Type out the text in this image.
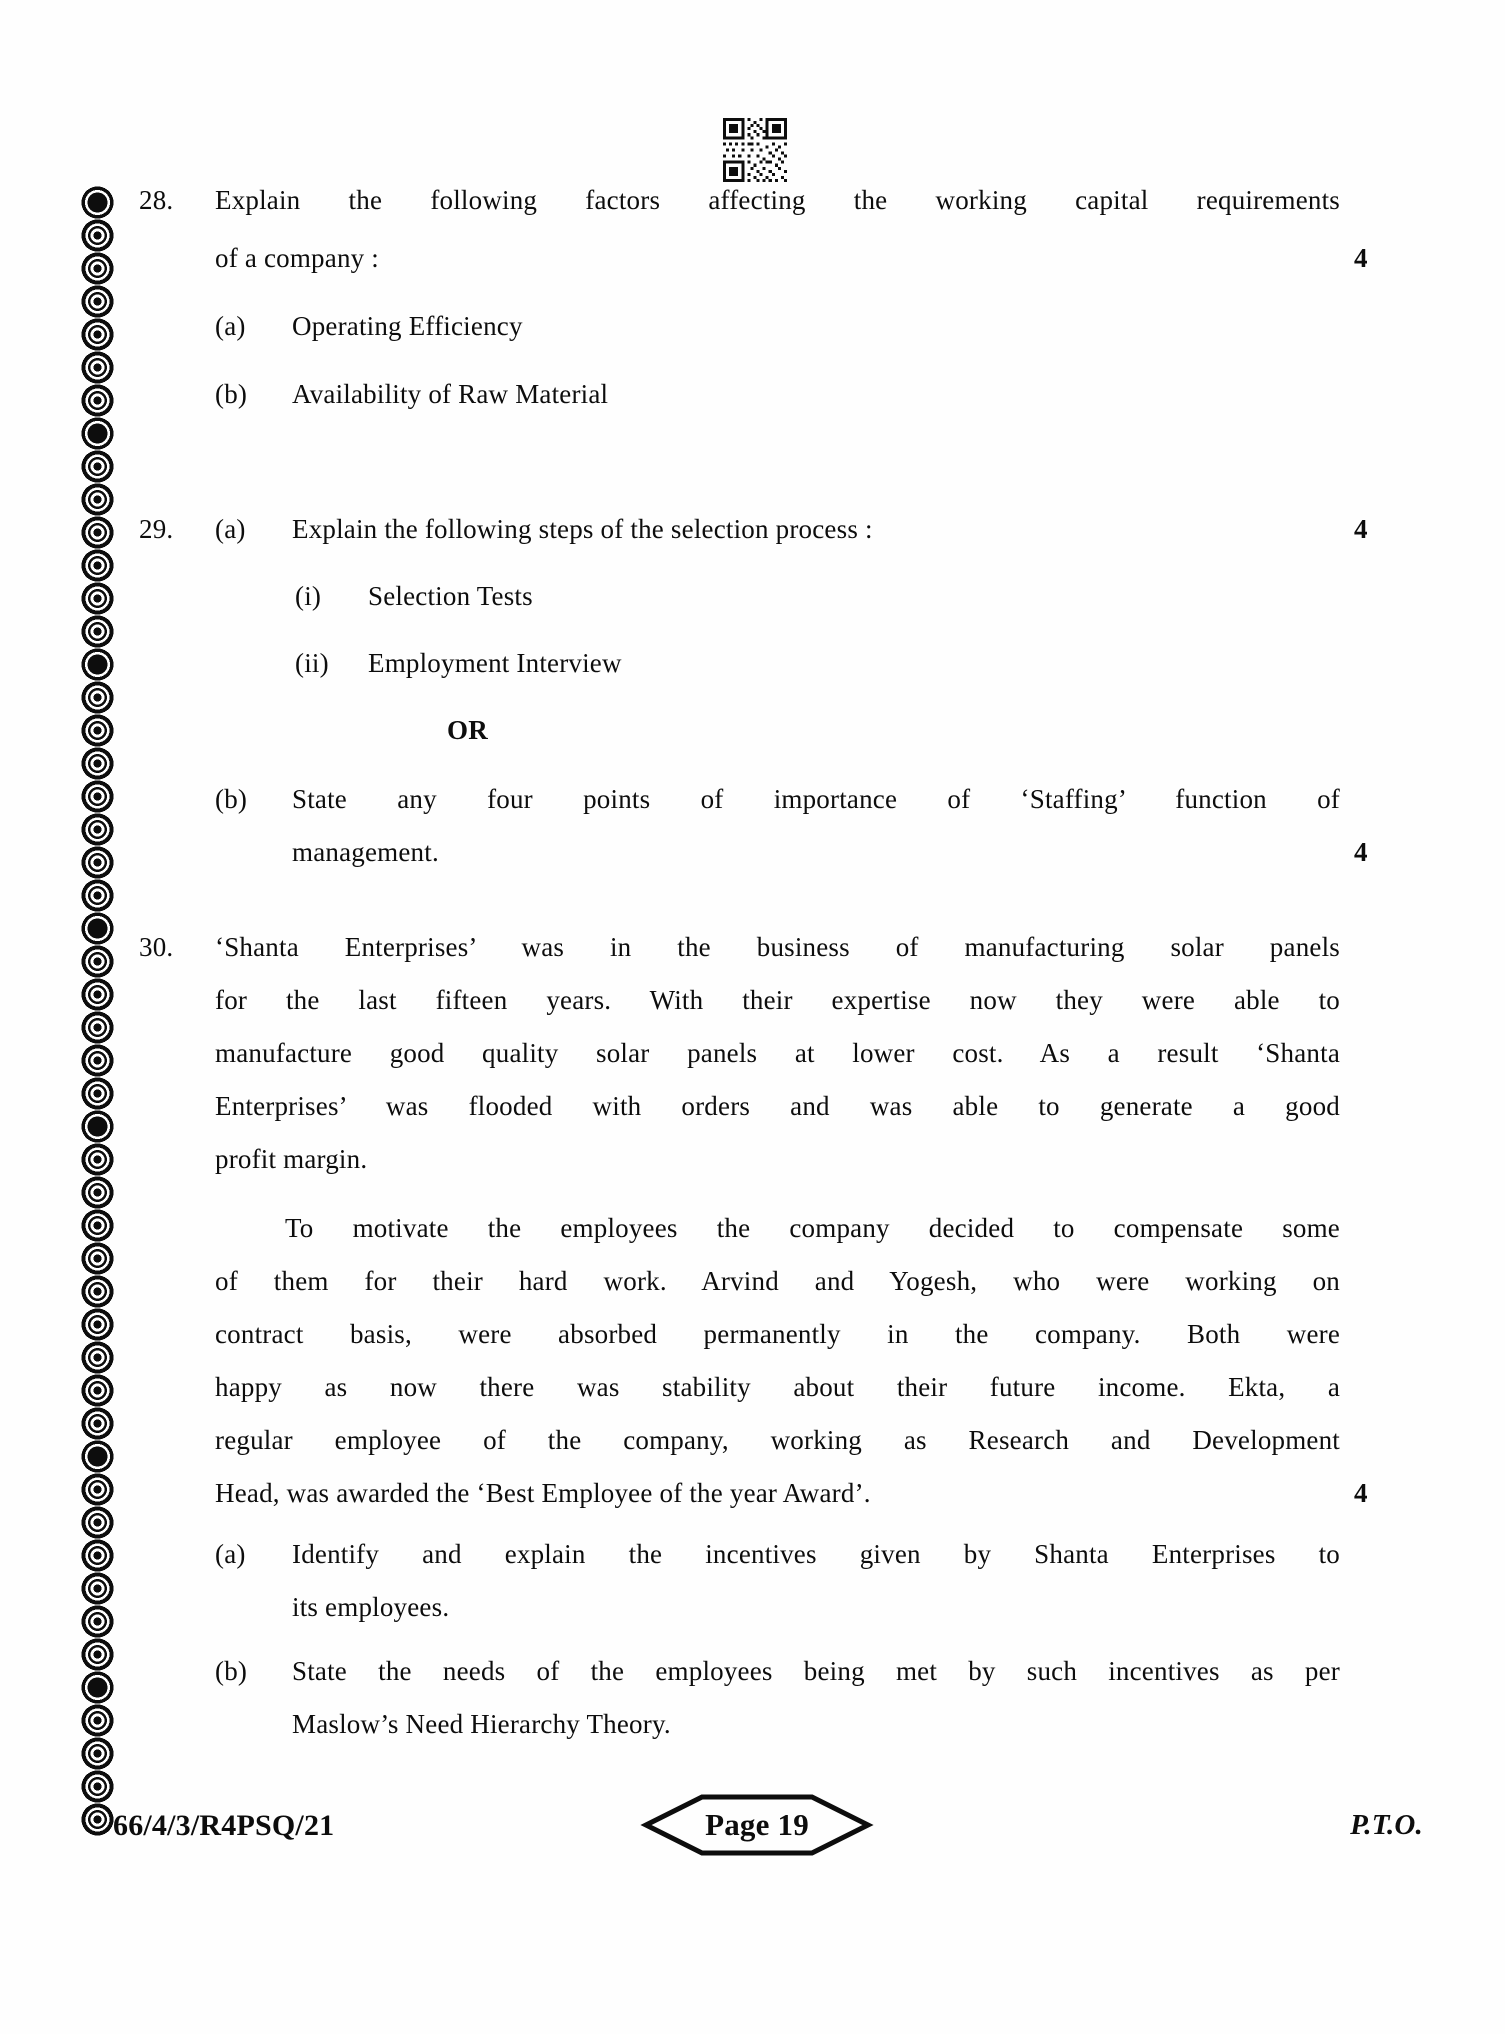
28. Explain the following factors affecting the working capital requirements
of a company :	4
(a)	Operating Efficiency
(b)	Availability of Raw Material
(a)
29.	Explain the following steps of the selection process :	4
(i)	Selection Tests
(ii)	Employment Interview
OR
(b)	State any four points of importance of ‘Staffing’ function of
management.	4
30. ‘Shanta Enterprises’ was in the business of manufacturing solar panels
for the last fifteen years. With their expertise now they were able to
manufacture good quality solar panels at lower cost. As a result ‘Shanta
Enterprises’ was flooded with orders and was able to generate a good
profit margin.
To motivate the employees the company decided to compensate some
of them for their hard work. Arvind and Yogesh, who were working on
contract basis, were absorbed permanently in the company. Both were
happy as now there was stability about their future income. Ekta, a
regular employee of the company, working as Research and Development
Head, was awarded the ‘Best Employee of the year Award’.	4
(a)	Identify and explain the incentives given by Shanta Enterprises to
its employees.
(b)	State the needs of the employees being met by such incentives as per
Maslow’s Need Hierarchy Theory.
66/4/3/R4PSQ/21	Page 19	P.T.O.
